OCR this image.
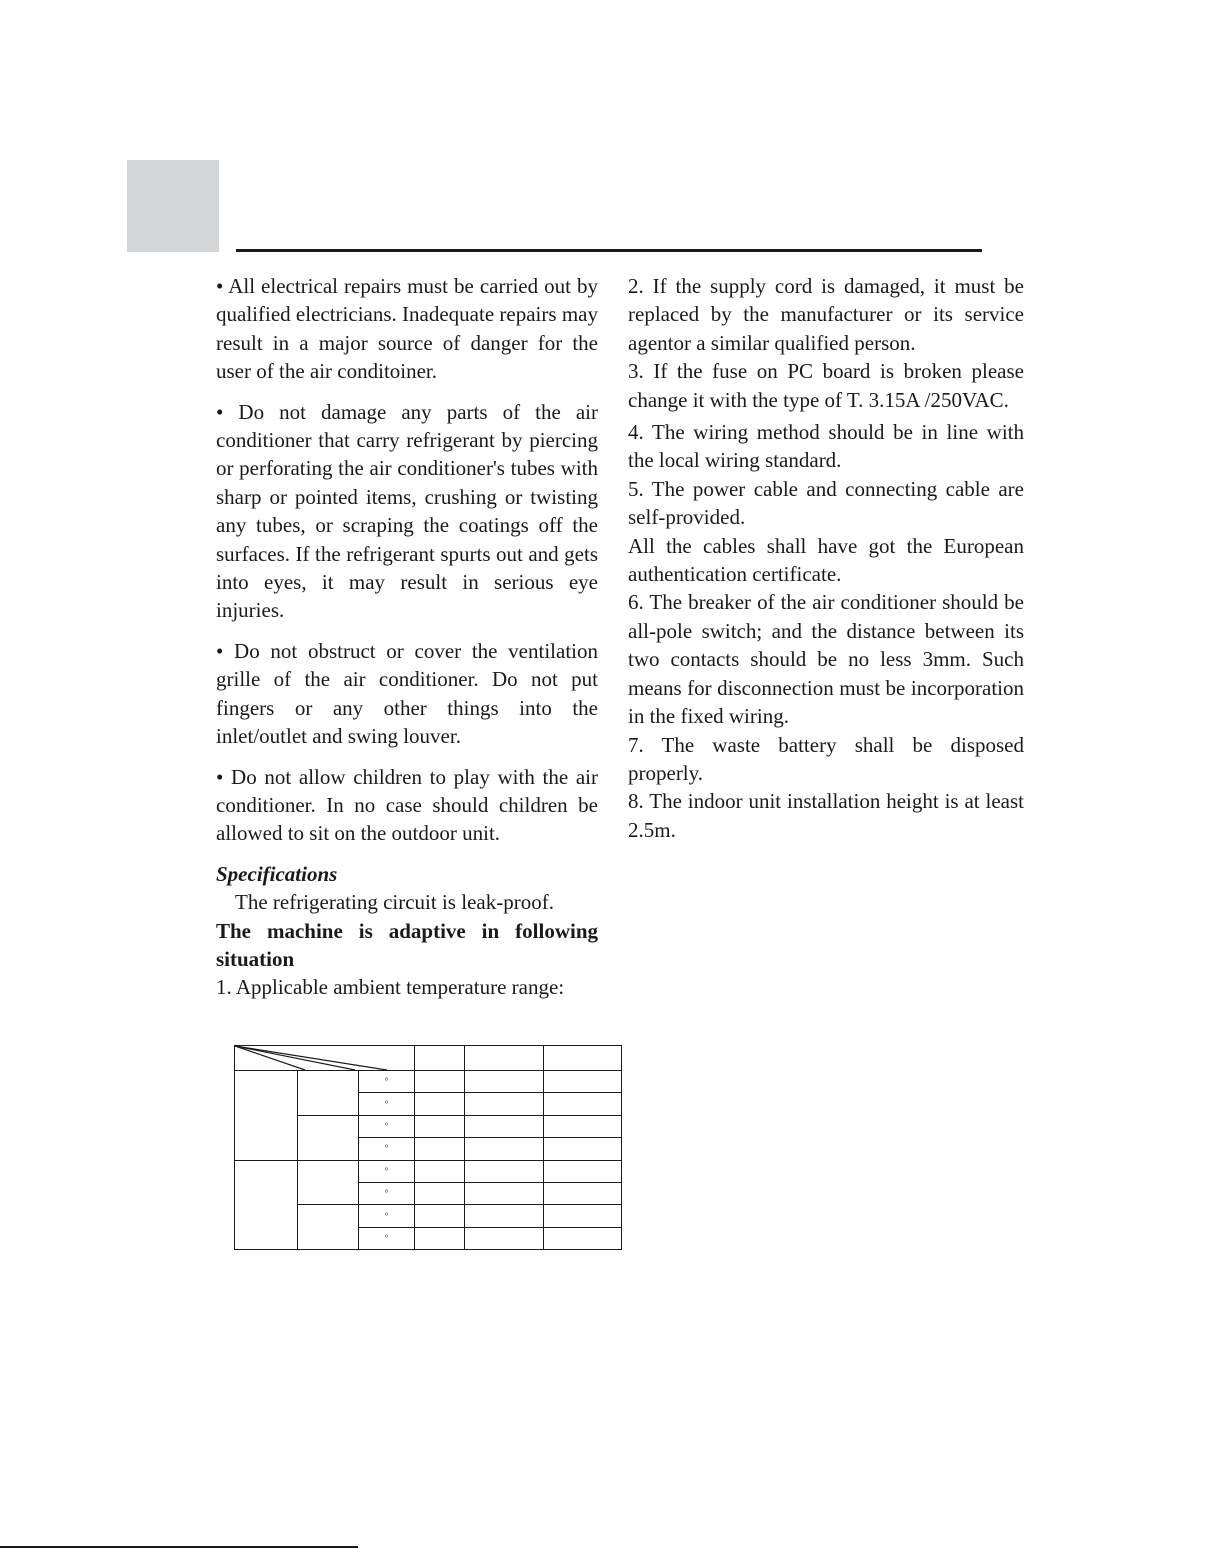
• All electrical repairs must be carried out by qualified electricians. Inadequate repairs may result in a major source of danger for the user of the air conditoiner.

• Do not damage any parts of the air conditioner that carry refrigerant by piercing or perforating the air conditioner's tubes with sharp or pointed items, crushing or twisting any tubes, or scraping the coatings off the surfaces. If the refrigerant spurts out and gets into eyes, it may result in serious eye injuries.

• Do not obstruct or cover the ventilation grille of the air conditioner. Do not put fingers or any other things into the inlet/outlet and swing louver.

• Do not allow children to play with the air conditioner. In no case should children be allowed to sit on the outdoor unit.

Specifications

The refrigerating circuit is leak-proof.

The machine is adaptive in following situation

1. Applicable ambient temperature range:

2. If the supply cord is damaged, it must be replaced by the manufacturer or its service agentor a similar qualified person.

3. If the fuse on PC board is broken please change it with the type of T. 3.15A /250VAC.

4. The wiring method should be in line with the local wiring standard.

5. The power cable and connecting cable are self-provided.

All the cables shall have got the European authentication certificate.

6. The breaker of the air conditioner should be all-pole switch; and the distance between its two contacts should be no less 3mm. Such means for disconnection must be incorporation in the fixed wiring.

7. The waste battery shall be disposed properly.

8. The indoor unit installation height is at least 2.5m.

		°			
		°			
		°			
		°			
		°			
		°			
		°			
		°			
